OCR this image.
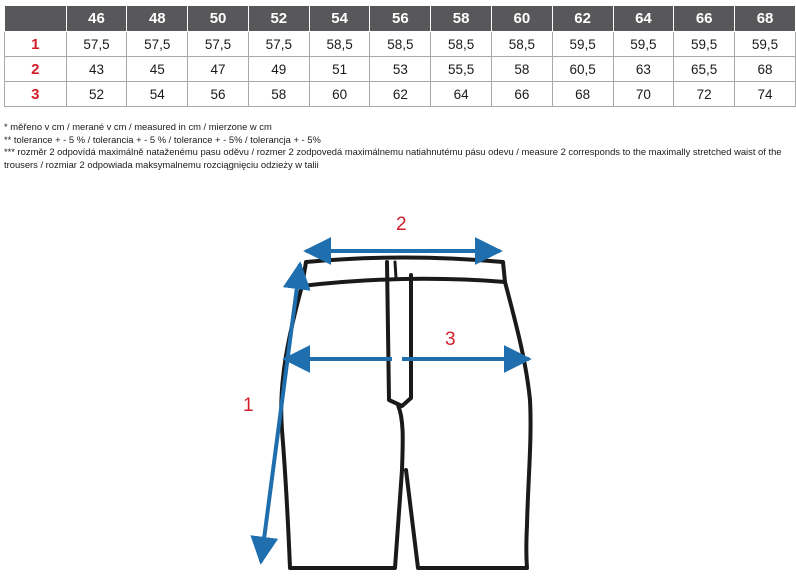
	46	48	50	52	54	56	58	60	62	64	66	68
1	57,5	57,5	57,5	57,5	58,5	58,5	58,5	58,5	59,5	59,5	59,5	59,5
2	43	45	47	49	51	53	55,5	58	60,5	63	65,5	68
3	52	54	56	58	60	62	64	66	68	70	72	74

* měřeno v cm / merané v cm / measured in cm / mierzone w cm

** tolerance + - 5 % / tolerancia + - 5 % / tolerance + - 5% / tolerancja + - 5%

*** rozměr 2 odpovídá maximálně nataženému pasu oděvu / rozmer 2 zodpovedá maximálnemu natiahnutému pásu odevu / measure 2 corresponds to the maximally stretched waist of the trousers / rozmiar 2 odpowiada maksymalnemu rozciągnięciu odzieży w talii

1
2
3
